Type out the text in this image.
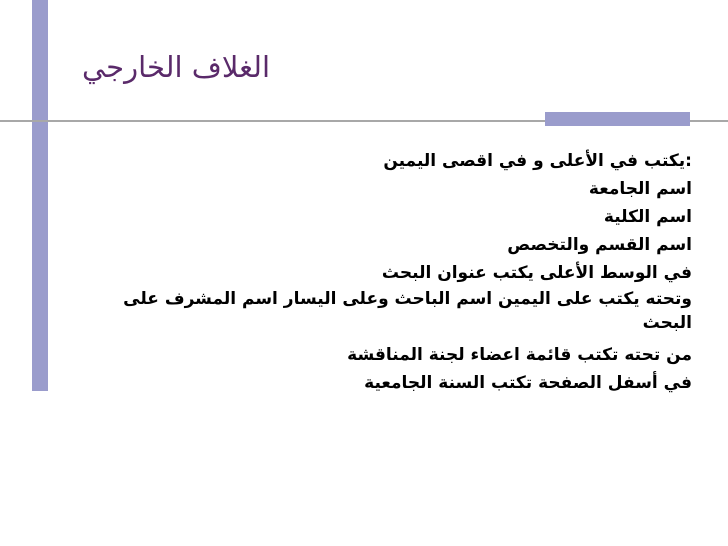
الغلاف الخارجي
:يكتب في الأعلى و في اقصى اليمين
اسم الجامعة
اسم الكلية
اسم القسم والتخصص
في الوسط الأعلى يكتب عنوان البحث
وتحته يكتب على اليمين اسم الباحث وعلى اليسار اسم المشرف على البحث
من تحته تكتب قائمة اعضاء لجنة المناقشة
في أسفل الصفحة تكتب السنة الجامعية
